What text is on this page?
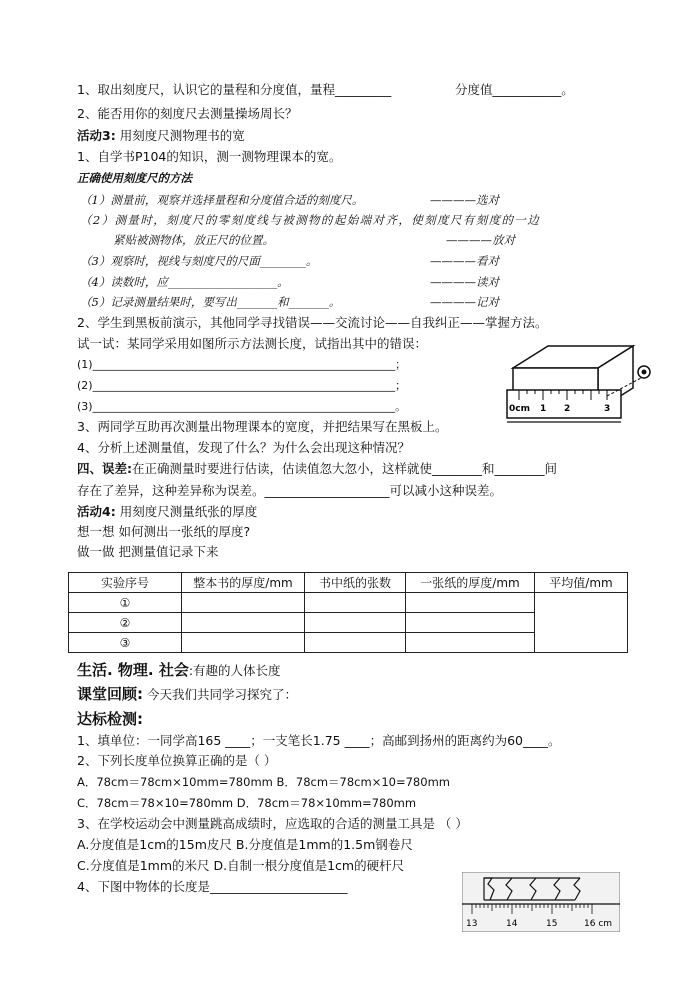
1、取出刻度尺，认识它的量程和分度值，量程_________	分度值___________。
2、能否用你的刻度尺去测量操场周长？
活动3: 用刻度尺测物理书的宽
1、自学书P104的知识，测一测物理课本的宽。
正确使用刻度尺的方法
（1）测量前，观察并选择量程和分度值合适的刻度尺。	————选对
（2）测量时，刻度尺的零刻度线与被测物的起始端对齐，使刻度尺有刻度的一边
紧贴被测物体，放正尺的位置。	————放对
（3）观察时，视线与刻度尺的尺面________。	————看对
（4）读数时，应___________________。	————读对
（5）记录测量结果时，要写出_______和_______。	————记对
2、学生到黑板前演示，其他同学寻找错误——交流讨论——自我纠正——掌握方法。
试一试：某同学采用如图所示方法测长度，试指出其中的错误：
(1)_______________________________________________________；
(2)_______________________________________________________；
(3)_______________________________________________________。	0cm 1 2	3
3、两同学互助再次测量出物理课本的宽度，并把结果写在黑板上。
4、分析上述测量值，发现了什么？为什么会出现这种情况？
四、误差:在正确测量时要进行估读，估读值忽大忽小，这样就使________和________间
存在了差异，这种差异称为误差。____________________可以减小这种误差。
活动4: 用刻度尺测量纸张的厚度
想一想 如何测出一张纸的厚度?
做一做 把测量值记录下来
实验序号	整本书的厚度/mm	书中纸的张数	一张纸的厚度/mm	平均值/mm
①				
②				
③				
生活. 物理. 社会:有趣的人体长度
课堂回顾: 今天我们共同学习探究了：
达标检测:
1、填单位：一同学高165 ____；一支笔长1.75 ____；高邮到扬州的距离约为60____。
2、下列长度单位换算正确的是（ ）
A．78cm＝78cm×10mm=780mm B．78cm＝78cm×10=780mm
C．78cm＝78×10=780mm D．78cm＝78×10mm=780mm
3、在学校运动会中测量跳高成绩时，应选取的合适的测量工具是 （ ）
A.分度值是1cm的15m皮尺 B.分度值是1mm的1.5m钢卷尺
C.分度值是1mm的米尺 D.自制一根分度值是1cm的硬杆尺
4、下图中物体的长度是______________________
13	14	15	16 cm
